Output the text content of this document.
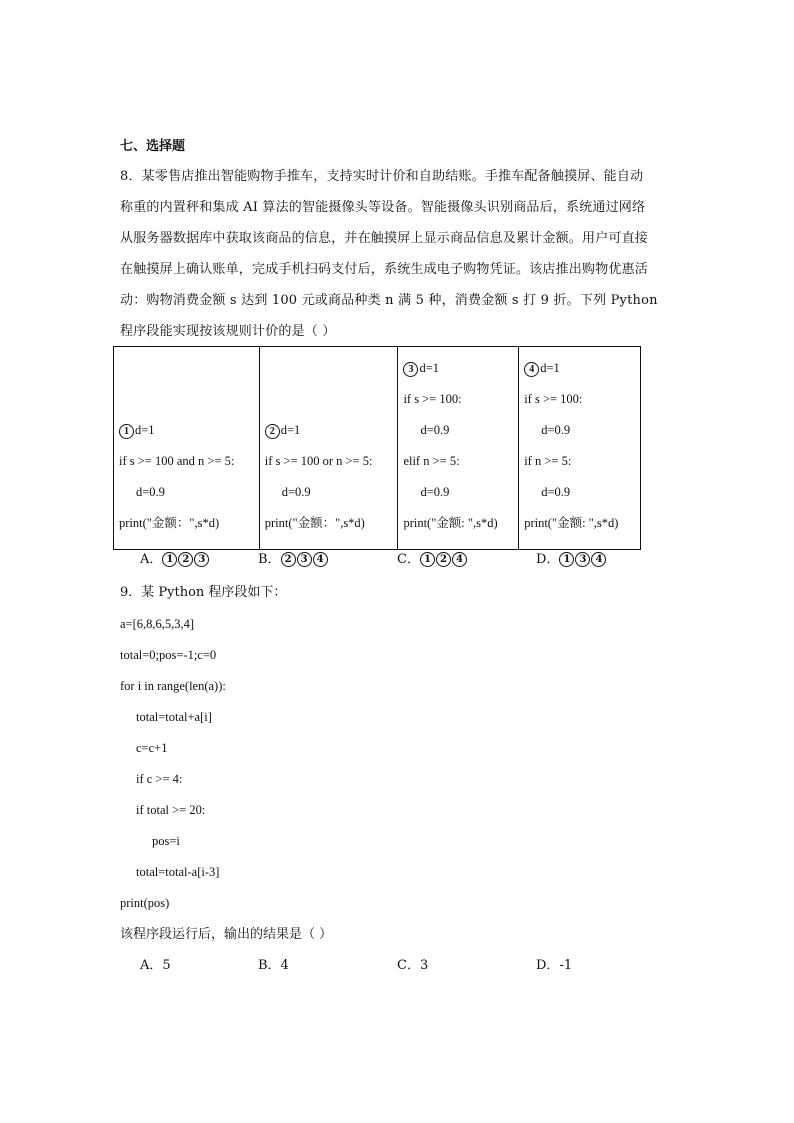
七、选择题
8．某零售店推出智能购物手推车，支持实时计价和自助结账。手推车配备触摸屏、能自动
称重的内置秤和集成 AI 算法的智能摄像头等设备。智能摄像头识别商品后，系统通过网络
从服务器数据库中获取该商品的信息，并在触摸屏上显示商品信息及累计金额。用户可直接
在触摸屏上确认账单，完成手机扫码支付后，系统生成电子购物凭证。该店推出购物优惠活
动：购物消费金额 s 达到 100 元或商品种类 n 满 5 种，消费金额 s 打 9 折。下列 Python
程序段能实现按该规则计价的是（ ）
1 d=1
if s >= 100 and n >= 5:
d=0.9
print("金额：",s*d)

2 d=1
if s >= 100 or n >= 5:
d=0.9
print("金额：",s*d)

3 d=1
if s >= 100:
d=0.9
elif n >= 5:
d=0.9
print("金额: ",s*d)

4 d=1
if s >= 100:
d=0.9
if n >= 5:
d=0.9
print("金额: ",s*d)
A． 1 2 3	B． 2 3 4	C． 1 2 4	D． 1 3 4
9．某 Python 程序段如下：
a=[6,8,6,5,3,4]
total=0;pos=-1;c=0
for i in range(len(a)):
total=total+a[i]
c=c+1
if c >= 4:
if total >= 20:
pos=i
total=total-a[i-3]
print(pos)
该程序段运行后，输出的结果是（ ）
A．5	B．4	C．3	D．-1
